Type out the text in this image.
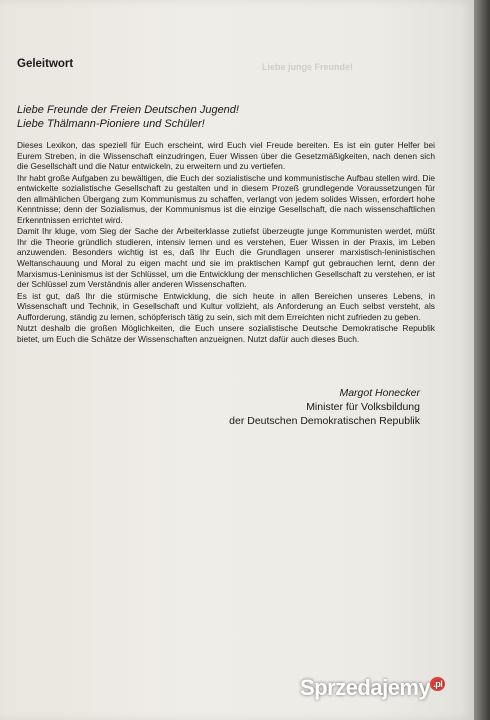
Liebe junge Freunde!
Geleitwort
Liebe Freunde der Freien Deutschen Jugend!
Liebe Thälmann-Pioniere und Schüler!

Dieses Lexikon, das speziell für Euch erscheint, wird Euch viel Freude bereiten. Es ist ein guter Helfer bei Eurem Streben, in die Wissenschaft einzudringen, Euer Wissen über die Gesetzmäßigkeiten, nach denen sich die Gesellschaft und die Natur entwickeln, zu erweitern und zu vertiefen.

Ihr habt große Aufgaben zu bewältigen, die Euch der sozialistische und kommunistische Aufbau stellen wird. Die entwickelte sozialistische Gesellschaft zu gestalten und in diesem Prozeß grundlegende Voraussetzungen für den allmählichen Übergang zum Kommunismus zu schaffen, verlangt von jedem solides Wissen, erfordert hohe Kenntnisse; denn der Sozialismus, der Kommunismus ist die einzige Gesellschaft, die nach wissenschaftlichen Erkenntnissen errichtet wird.

Damit Ihr kluge, vom Sieg der Sache der Arbeiterklasse zutiefst überzeugte junge Kommunisten werdet, müßt Ihr die Theorie gründlich studieren, intensiv lernen und es verstehen, Euer Wissen in der Praxis, im Leben anzuwenden. Besonders wichtig ist es, daß Ihr Euch die Grundlagen unserer marxistisch-leninistischen Weltanschauung und Moral zu eigen macht und sie im praktischen Kampf gut gebrauchen lernt, denn der Marxismus-Leninismus ist der Schlüssel, um die Entwicklung der menschlichen Gesellschaft zu verstehen, er ist der Schlüssel zum Verständnis aller anderen Wissenschaften.

Es ist gut, daß Ihr die stürmische Entwicklung, die sich heute in allen Bereichen unseres Lebens, in Wissenschaft und Technik, in Gesellschaft und Kultur vollzieht, als Anforderung an Euch selbst versteht, als Aufforderung, ständig zu lernen, schöpferisch tätig zu sein, sich mit dem Erreichten nicht zufrieden zu geben.

Nutzt deshalb die großen Möglichkeiten, die Euch unsere sozialistische Deutsche Demokratische Republik bietet, um Euch die Schätze der Wissenschaften anzueignen. Nutzt dafür auch dieses Buch.

Margot Honecker
Minister für Volksbildung
der Deutschen Demokratischen Republik
Sprzedajemy $^{.pl}$
